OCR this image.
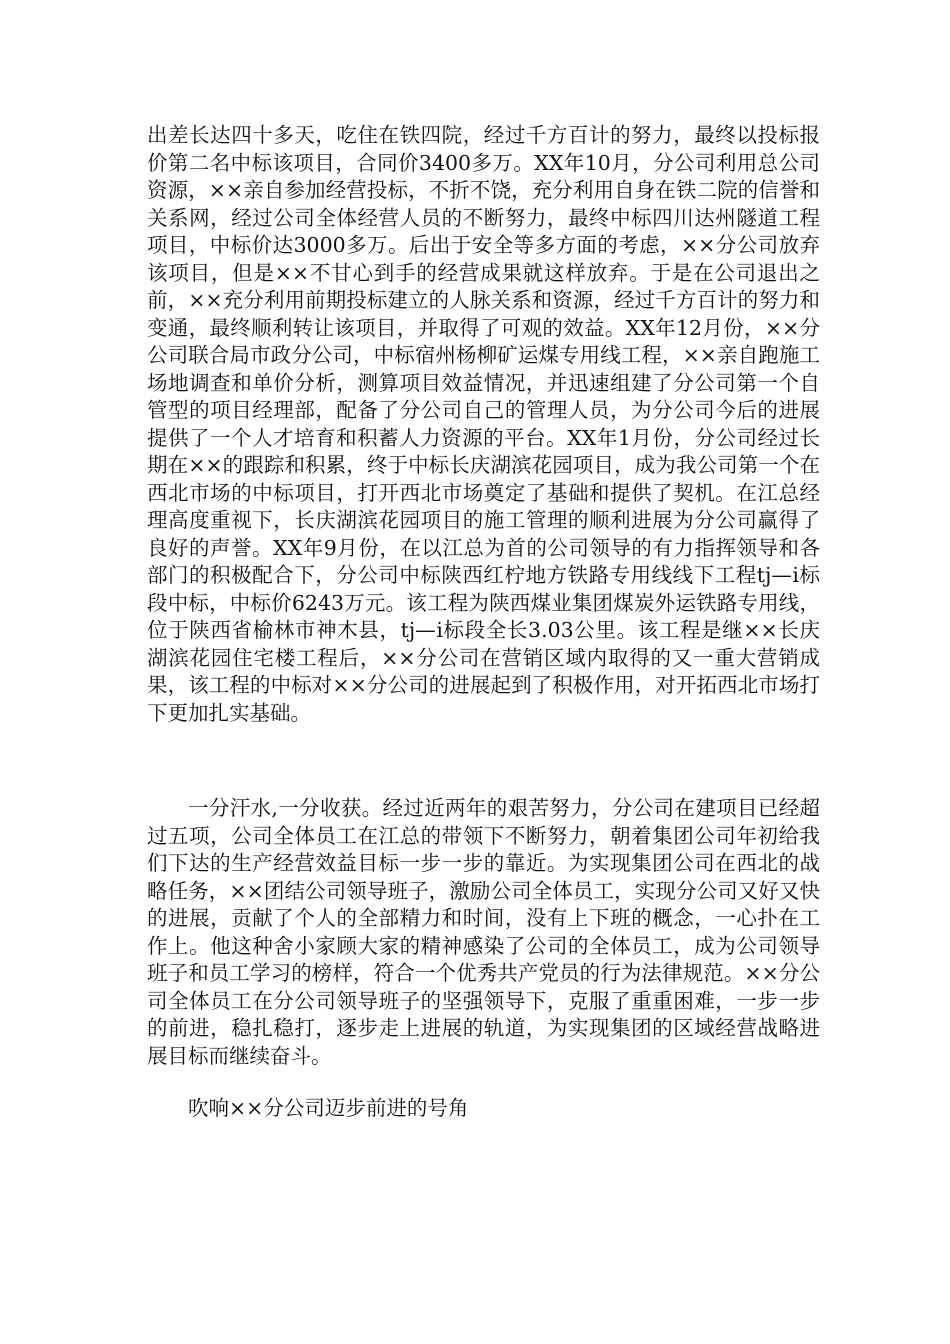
出差长达四十多天，吃住在铁四院，经过千方百计的努力，最终以投标报价第二名中标该项目，合同价3400多万。XX年10月，分公司利用总公司资源，××亲自参加经营投标，不折不饶，充分利用自身在铁二院的信誉和关系网，经过公司全体经营人员的不断努力，最终中标四川达州隧道工程项目，中标价达3000多万。后出于安全等多方面的考虑，××分公司放弃该项目，但是××不甘心到手的经营成果就这样放弃。于是在公司退出之前，××充分利用前期投标建立的人脉关系和资源，经过千方百计的努力和变通，最终顺利转让该项目，并取得了可观的效益。XX年12月份，××分公司联合局市政分公司，中标宿州杨柳矿运煤专用线工程，××亲自跑施工场地调查和单价分析，测算项目效益情况，并迅速组建了分公司第一个自管型的项目经理部，配备了分公司自己的管理人员，为分公司今后的进展提供了一个人才培育和积蓄人力资源的平台。XX年1月份，分公司经过长期在××的跟踪和积累，终于中标长庆湖滨花园项目，成为我公司第一个在西北市场的中标项目，打开西北市场奠定了基础和提供了契机。在江总经理高度重视下，长庆湖滨花园项目的施工管理的顺利进展为分公司赢得了良好的声誉。XX年9月份，在以江总为首的公司领导的有力指挥领导和各部门的积极配合下，分公司中标陕西红柠地方铁路专用线线下工程tj—ⅰ标段中标，中标价6243万元。该工程为陕西煤业集团煤炭外运铁路专用线，位于陕西省榆林市神木县，tj—ⅰ标段全长3.03公里。该工程是继××长庆湖滨花园住宅楼工程后，××分公司在营销区域内取得的又一重大营销成果，该工程的中标对××分公司的进展起到了积极作用，对开拓西北市场打下更加扎实基础。

一分汗水,一分收获。经过近两年的艰苦努力，分公司在建项目已经超过五项，公司全体员工在江总的带领下不断努力，朝着集团公司年初给我们下达的生产经营效益目标一步一步的靠近。为实现集团公司在西北的战略任务，××团结公司领导班子，激励公司全体员工，实现分公司又好又快的进展，贡献了个人的全部精力和时间，没有上下班的概念，一心扑在工作上。他这种舍小家顾大家的精神感染了公司的全体员工，成为公司领导班子和员工学习的榜样，符合一个优秀共产党员的行为法律规范。××分公司全体员工在分公司领导班子的坚强领导下，克服了重重困难，一步一步的前进，稳扎稳打，逐步走上进展的轨道，为实现集团的区域经营战略进展目标而继续奋斗。

吹响××分公司迈步前进的号角
